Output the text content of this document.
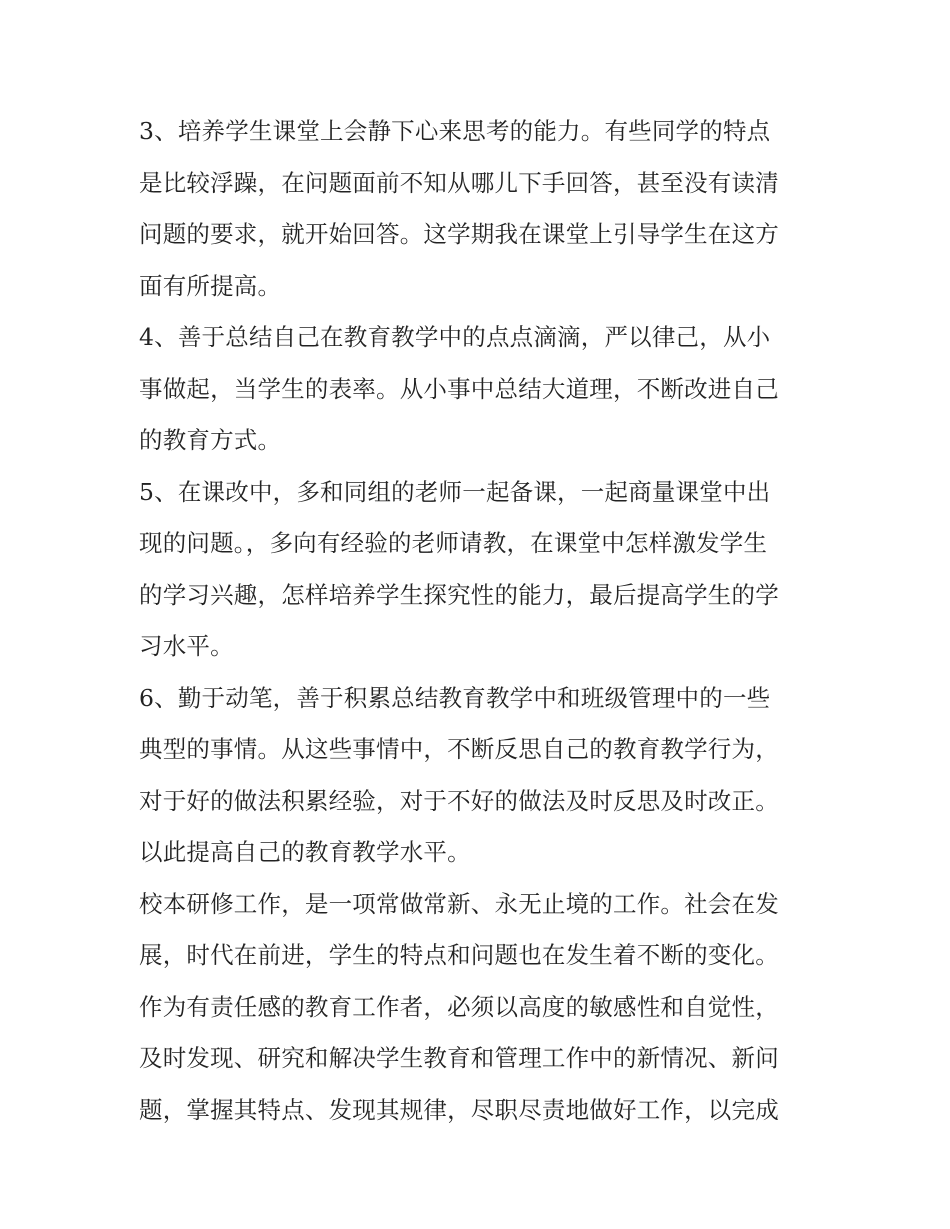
3、培养学生课堂上会静下心来思考的能力。有些同学的特点
是比较浮躁，在问题面前不知从哪儿下手回答，甚至没有读清
问题的要求，就开始回答。这学期我在课堂上引导学生在这方
面有所提高。
4、善于总结自己在教育教学中的点点滴滴，严以律己，从小
事做起，当学生的表率。从小事中总结大道理，不断改进自己
的教育方式。
5、在课改中，多和同组的老师一起备课，一起商量课堂中出
现的问题。，多向有经验的老师请教，在课堂中怎样激发学生
的学习兴趣，怎样培养学生探究性的能力，最后提高学生的学
习水平。
6、勤于动笔，善于积累总结教育教学中和班级管理中的一些
典型的事情。从这些事情中，不断反思自己的教育教学行为，
对于好的做法积累经验，对于不好的做法及时反思及时改正。
以此提高自己的教育教学水平。
校本研修工作，是一项常做常新、永无止境的工作。社会在发
展，时代在前进，学生的特点和问题也在发生着不断的变化。
作为有责任感的教育工作者，必须以高度的敏感性和自觉性，
及时发现、研究和解决学生教育和管理工作中的新情况、新问
题，掌握其特点、发现其规律，尽职尽责地做好工作，以完成
